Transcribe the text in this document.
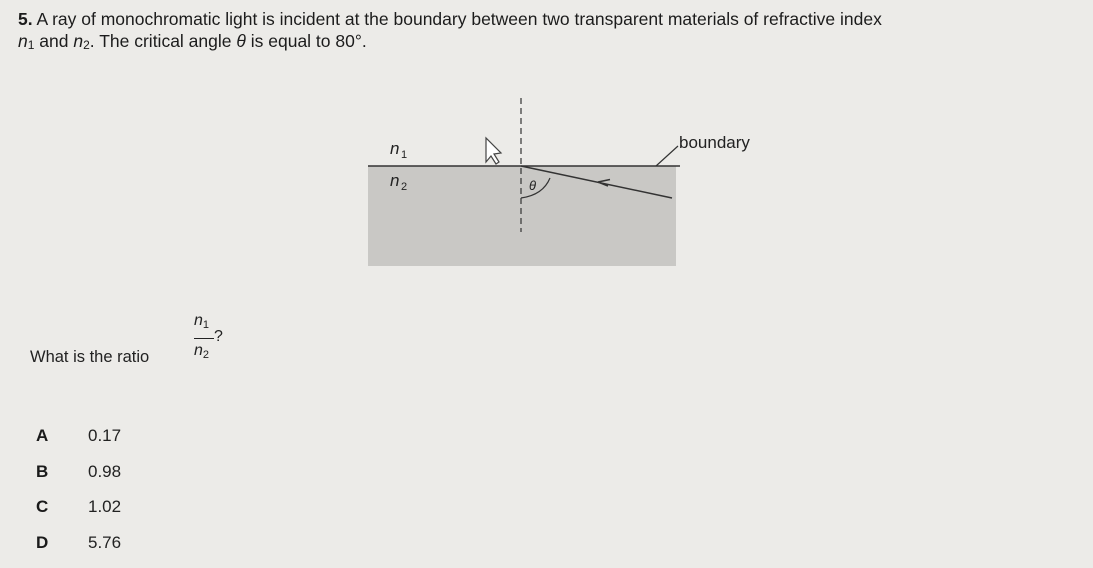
5. A ray of monochromatic light is incident at the boundary between two transparent materials of refractive index
n1 and n2. The critical angle θ is equal to 80°.
n 1
n 2	θ
boundary
What is the ratio
n1
n2
?
A	0.17
B	0.98
C	1.02
D	5.76
